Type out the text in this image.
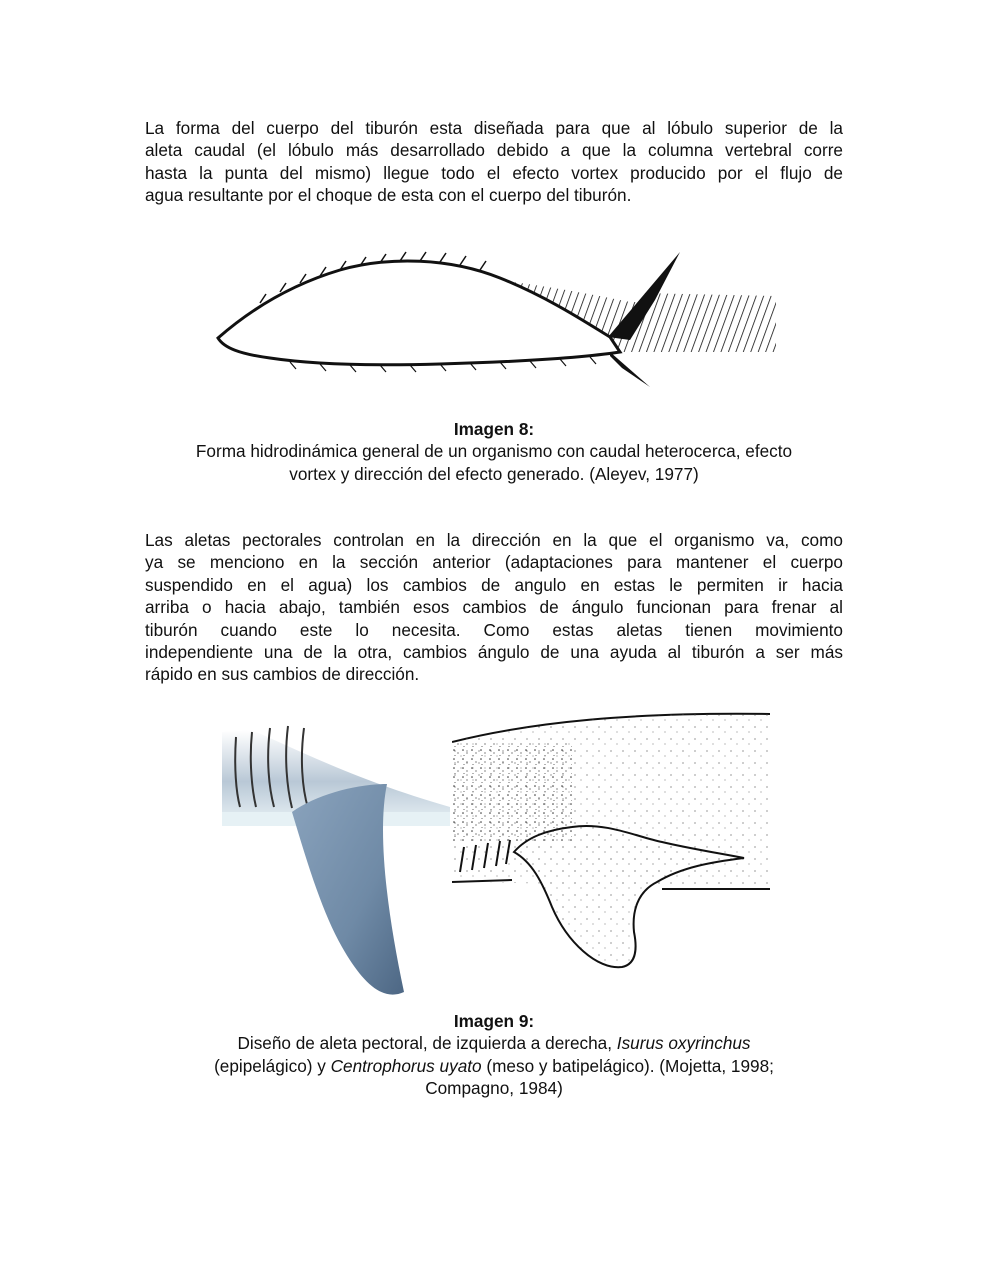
La forma del cuerpo del tiburón esta diseñada para que al lóbulo superior de la
aleta caudal (el lóbulo más desarrollado debido a que la columna vertebral corre
hasta la punta del mismo) llegue todo el efecto vortex producido por el flujo de
agua resultante por el choque de esta con el cuerpo del tiburón.
Imagen 8:
Forma hidrodinámica general de un organismo con caudal heterocerca, efecto
vortex y dirección del efecto generado. (Aleyev, 1977)
Las aletas pectorales controlan en la dirección en la que el organismo va, como
ya se menciono en la sección anterior (adaptaciones para mantener el cuerpo
suspendido en el agua) los cambios de angulo en estas le permiten ir hacia
arriba o hacia abajo, también esos cambios de ángulo funcionan para frenar al
tiburón cuando este lo necesita. Como estas aletas tienen movimiento
independiente una de la otra, cambios ángulo de una ayuda al tiburón a ser más
rápido en sus cambios de dirección.
Imagen 9:
Diseño de aleta pectoral, de izquierda a derecha, Isurus oxyrinchus
(epipelágico) y Centrophorus uyato (meso y batipelágico). (Mojetta, 1998;
Compagno, 1984)
